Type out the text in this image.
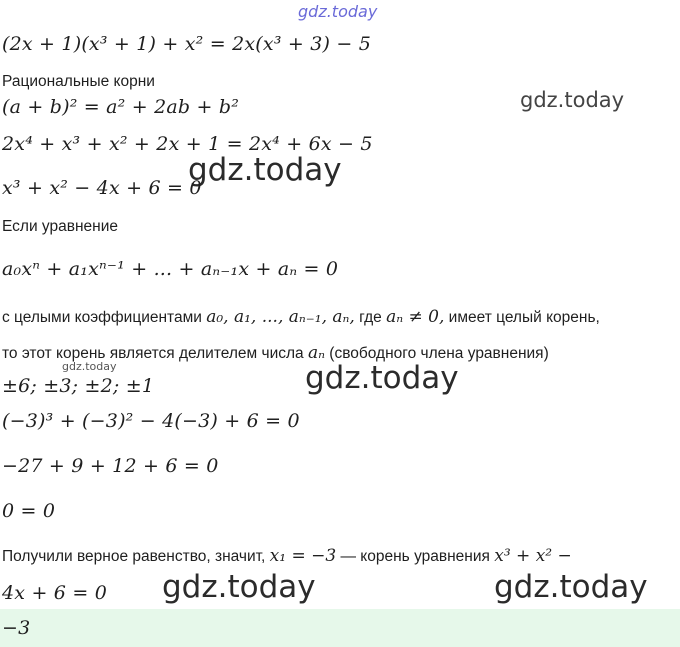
gdz.today
gdz.today
gdz.today
gdz.today	gdz.today
(2x + 1)(x³ + 1) + x² = 2x(x³ + 3) − 5
Рациональные корни
(a + b)² = a² + 2ab + b²
2x⁴ + x³ + x² + 2x + 1 = 2x⁴ + 6x − 5
x³ + x² − 4x + 6 = 0
Если уравнение
a₀xⁿ + a₁xⁿ⁻¹ + ... + aₙ₋₁x + aₙ = 0
с целыми коэффициентами a₀, a₁, ..., aₙ₋₁, aₙ, где aₙ ≠ 0, имеет целый корень,
то этот корень является делителем числа aₙ (свободного члена уравнения)
±6; ±3; ±2; ±1
(−3)³ + (−3)² − 4(−3) + 6 = 0
−27 + 9 + 12 + 6 = 0
0 = 0
Получили верное равенство, значит, x₁ = −3 — корень уравнения x³ + x² −
4x + 6 = 0 gdz.today	gdz.today
−3
